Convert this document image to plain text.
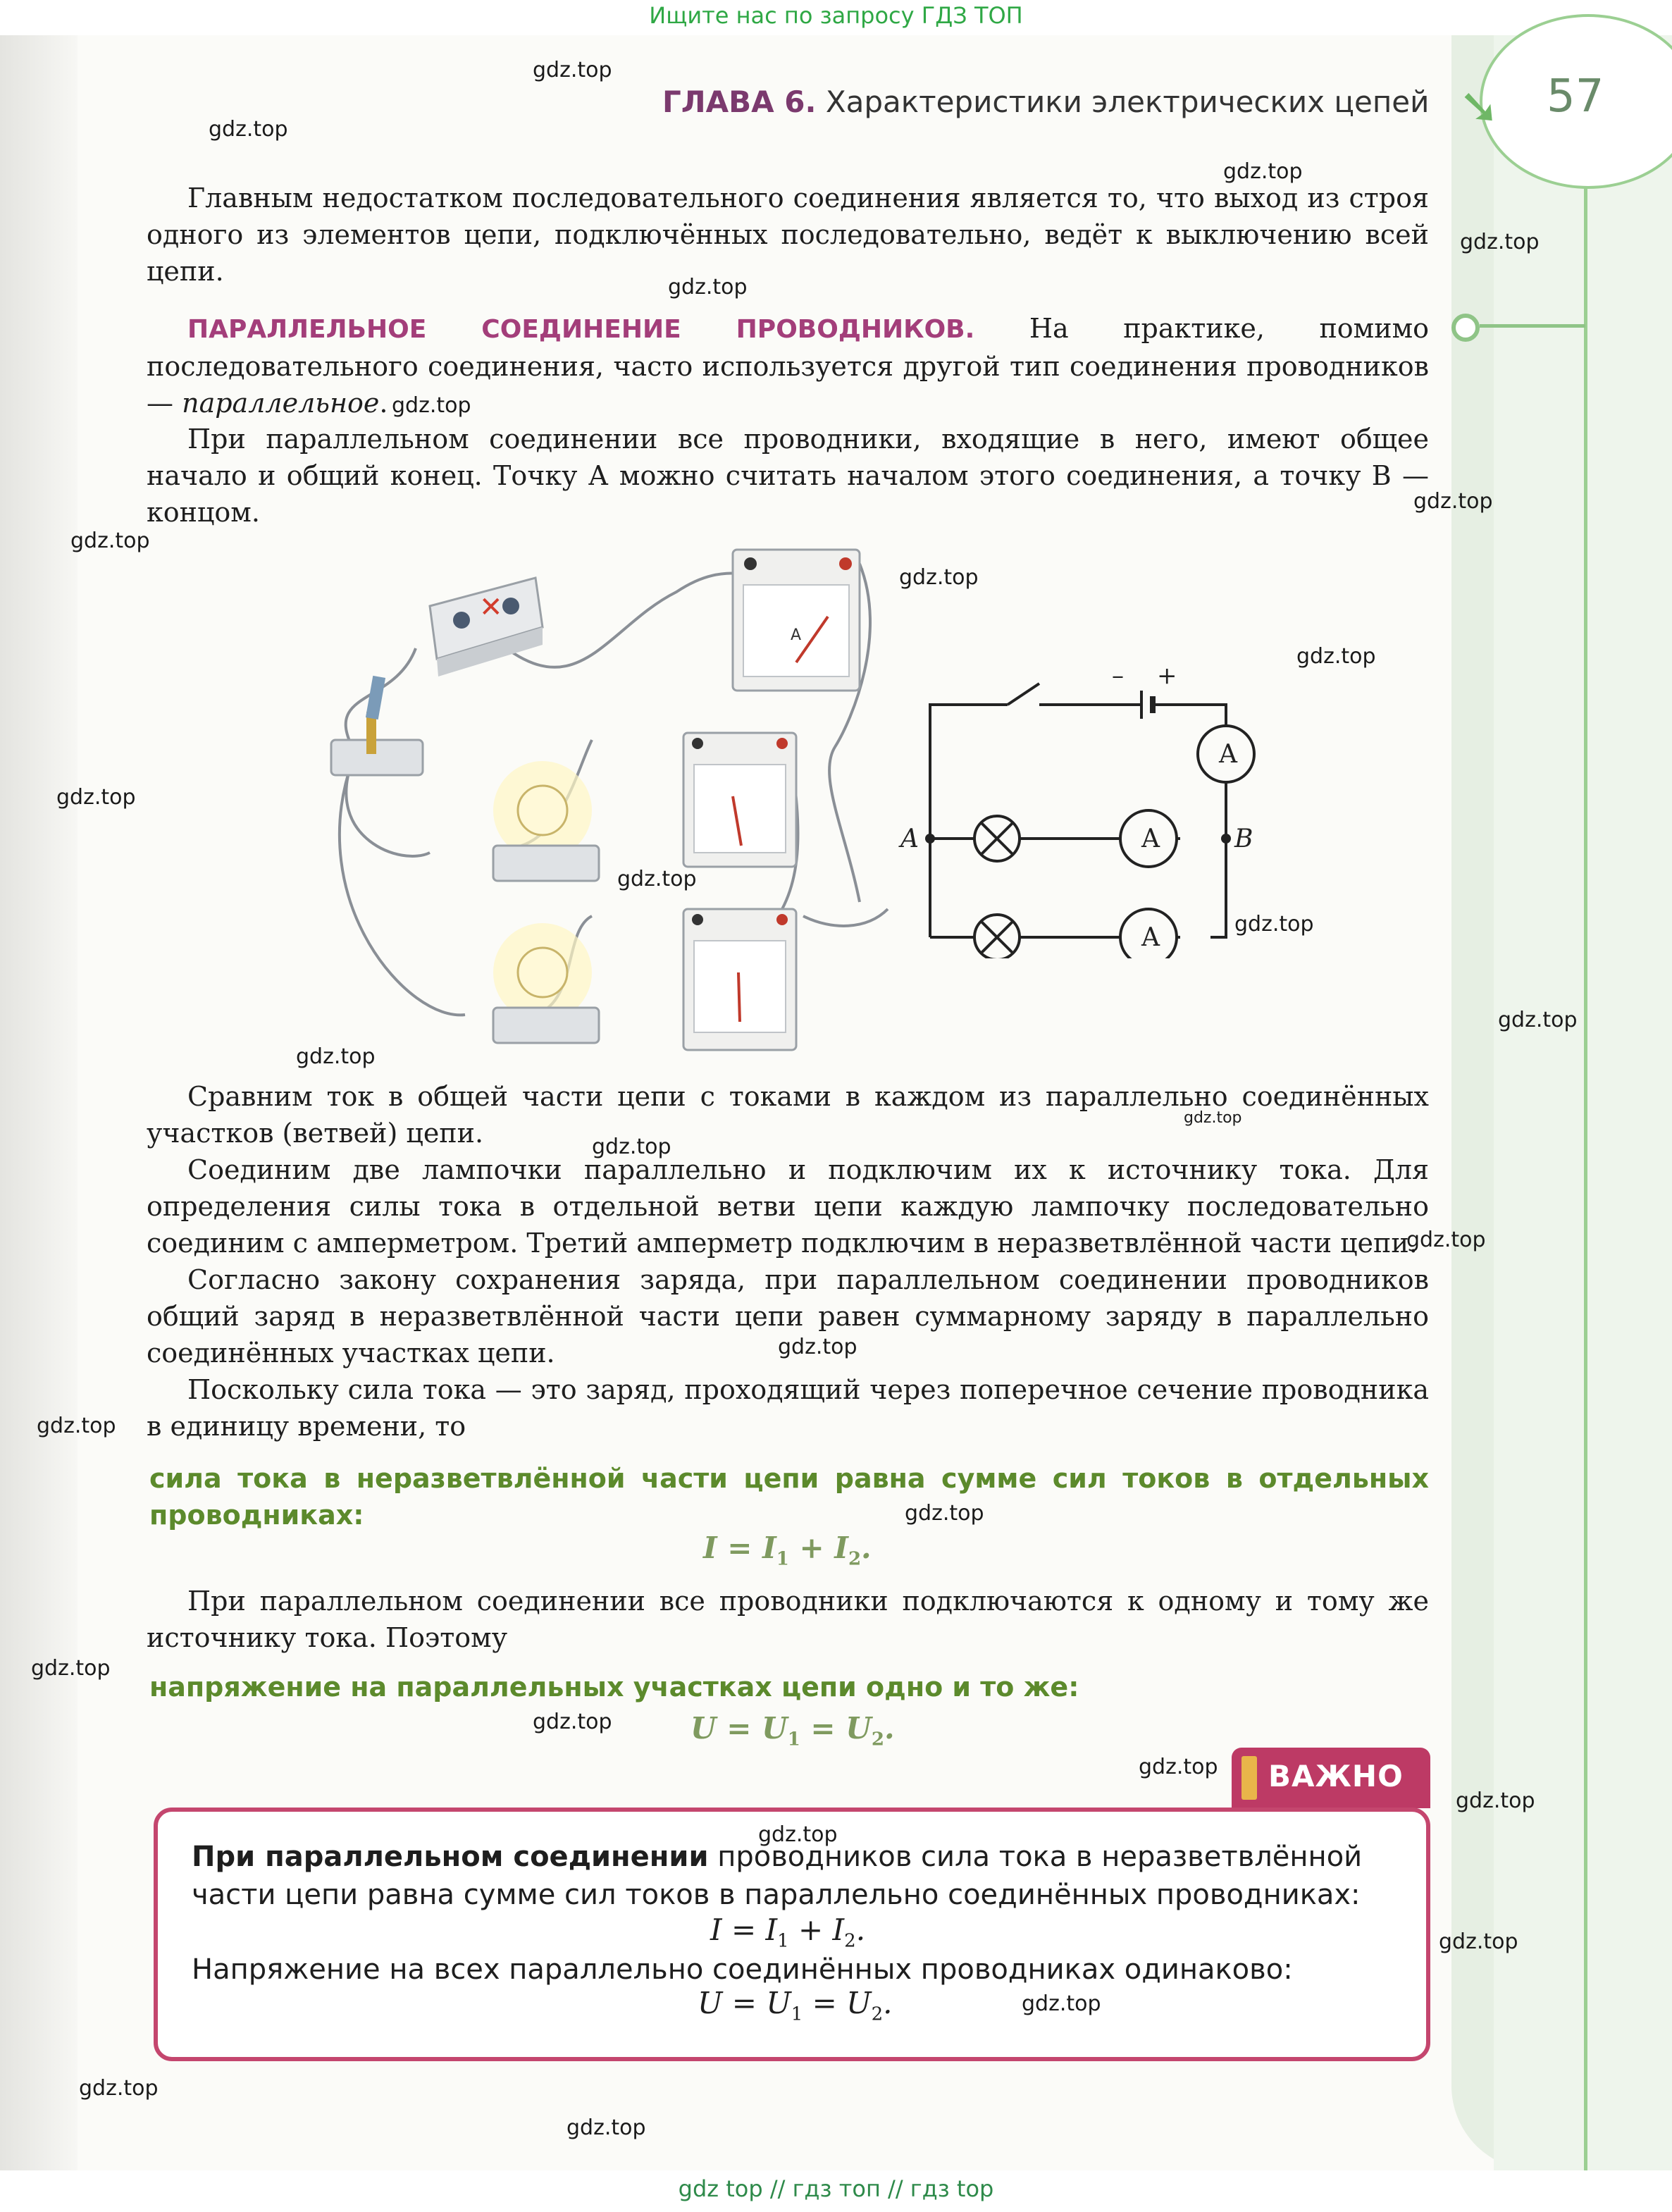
➘
Ищите нас по запросу ГДЗ ТОП
ГЛАВА 6. Характеристики электрических цепей	57

Главным недостатком последовательного соединения является то, что выход из строя одного из элементов цепи, подключённых последовательно, ведёт к выключению всей цепи.

ПАРАЛЛЕЛЬНОЕ СОЕДИНЕНИЕ ПРОВОДНИКОВ. На практике, помимо последовательного соединения, часто используется другой тип соединения проводников — параллельное.

При параллельном соединении все проводники, входящие в него, имеют общее начало и общий конец. Точку А можно считать началом этого соединения, а точку В — концом.

✕
A
A
A
A
A	B
– +

Сравним ток в общей части цепи с токами в каждом из параллельно соединённых участков (ветвей) цепи.

Соединим две лампочки параллельно и подключим их к источнику тока. Для определения силы тока в отдельной ветви цепи каждую лампочку последовательно соединим с амперметром. Третий амперметр подключим в неразветвлённой части цепи.

Согласно закону сохранения заряда, при параллельном соединении проводников общий заряд в неразветвлённой части цепи равен суммарному заряду в параллельно соединённых участках цепи.

Поскольку сила тока — это заряд, проходящий через поперечное сечение проводника в единицу времени, то

сила тока в неразветвлённой части цепи равна сумме сил токов в отдельных проводниках:
$I = I_1 + I_2$.

При параллельном соединении все проводники подключаются к одному и тому же источнику тока. Поэтому

напряжение на параллельных участках цепи одно и то же:
$U = U_1 = U_2$.
ВАЖНО
При параллельном соединении проводников сила тока в неразветвлённой
части цепи равна сумме сил токов в параллельно соединённых проводниках:
$I = I_1 + I_2$.
Напряжение на всех параллельно соединённых проводниках одинаково:
$U = U_1 = U_2$.
gdz.top
gdz.top
gdz.top
gdz.top
gdz.top
gdz.top
gdz.top
gdz.top
gdz.top
gdz.top
gdz.top
gdz.top
gdz.top
gdz.top
gdz.top
gdz.top
gdz.top
gdz.top
gdz.top
gdz.top
gdz.top
gdz.top
gdz.top
gdz.top
gdz.top
gdz.top
gdz.top
gdz.top
gdz.top
gdz.top
gdz top // гдз топ // гдз top
